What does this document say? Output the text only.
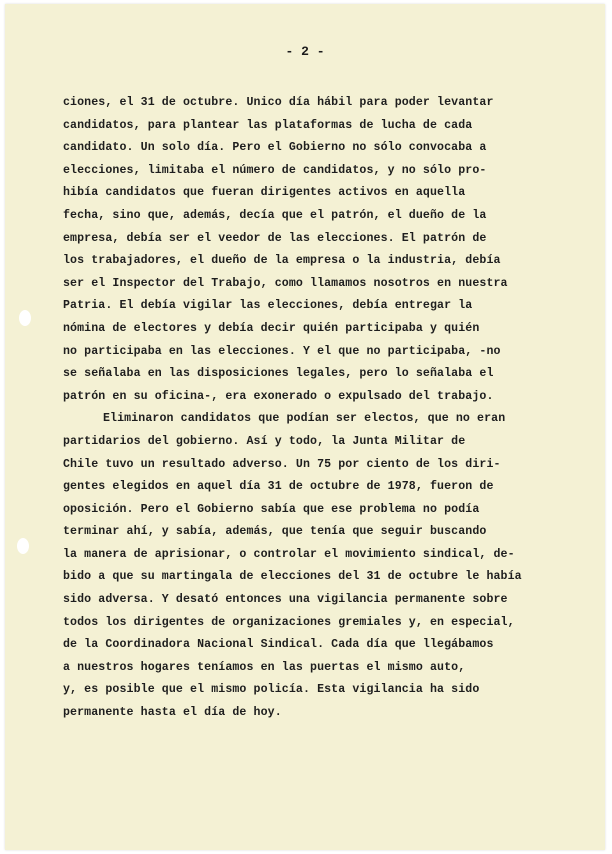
- 2 -
ciones, el 31 de octubre. Unico día hábil para poder levantar
candidatos, para plantear las plataformas de lucha de cada
candidato. Un solo día. Pero el Gobierno no sólo convocaba a
elecciones, limitaba el número de candidatos, y no sólo pro-
hibía candidatos que fueran dirigentes activos en aquella
fecha, sino que, además, decía que el patrón, el dueño de la
empresa, debía ser el veedor de las elecciones. El patrón de
los trabajadores, el dueño de la empresa o la industria, debía
ser el Inspector del Trabajo, como llamamos nosotros en nuestra
Patria. El debía vigilar las elecciones, debía entregar la
nómina de electores y debía decir quién participaba y quién
no participaba en las elecciones. Y el que no participaba, -no
se señalaba en las disposiciones legales, pero lo señalaba el
patrón en su oficina-, era exonerado o expulsado del trabajo.
Eliminaron candidatos que podían ser electos, que no eran
partidarios del gobierno. Así y todo, la Junta Militar de
Chile tuvo un resultado adverso. Un 75 por ciento de los diri-
gentes elegidos en aquel día 31 de octubre de 1978, fueron de
oposición. Pero el Gobierno sabía que ese problema no podía
terminar ahí, y sabía, además, que tenía que seguir buscando
la manera de aprisionar, o controlar el movimiento sindical, de-
bido a que su martingala de elecciones del 31 de octubre le había
sido adversa. Y desató entonces una vigilancia permanente sobre
todos los dirigentes de organizaciones gremiales y, en especial,
de la Coordinadora Nacional Sindical. Cada día que llegábamos
a nuestros hogares teníamos en las puertas el mismo auto,
y, es posible que el mismo policía. Esta vigilancia ha sido
permanente hasta el día de hoy.
